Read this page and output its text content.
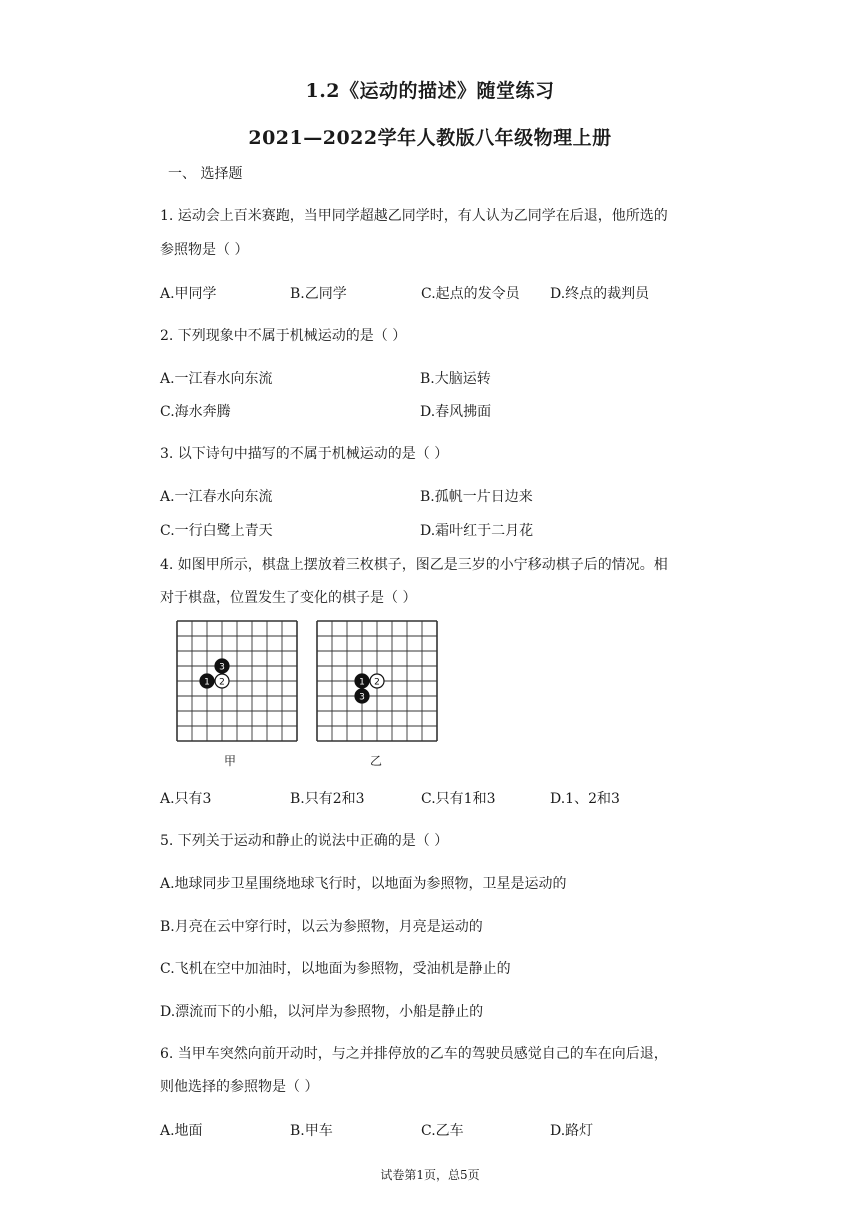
1.2《运动的描述》随堂练习
2021—2022学年人教版八年级物理上册
一、 选择题
1. 运动会上百米赛跑，当甲同学超越乙同学时，有人认为乙同学在后退，他所选的
参照物是（ ）
A.甲同学	B.乙同学	C.起点的发令员 D.终点的裁判员
2. 下列现象中不属于机械运动的是（ ）
A.一江春水向东流	B.大脑运转
C.海水奔腾	D.春风拂面
3. 以下诗句中描写的不属于机械运动的是（ ）
A.一江春水向东流	B.孤帆一片日边来
C.一行白鹭上青天	D.霜叶红于二月花
4. 如图甲所示，棋盘上摆放着三枚棋子，图乙是三岁的小宁移动棋子后的情况。相
对于棋盘，位置发生了变化的棋子是（ ）
3
1 2
甲
1 2
3
乙
A.只有3	B.只有2和3	C.只有1和3	D.1、2和3
5. 下列关于运动和静止的说法中正确的是（ ）
A.地球同步卫星围绕地球飞行时，以地面为参照物，卫星是运动的
B.月亮在云中穿行时，以云为参照物，月亮是运动的
C.飞机在空中加油时，以地面为参照物，受油机是静止的
D.漂流而下的小船，以河岸为参照物，小船是静止的
6. 当甲车突然向前开动时，与之并排停放的乙车的驾驶员感觉自己的车在向后退，
则他选择的参照物是（ ）
A.地面	B.甲车	C.乙车	D.路灯
试卷第1页，总5页
